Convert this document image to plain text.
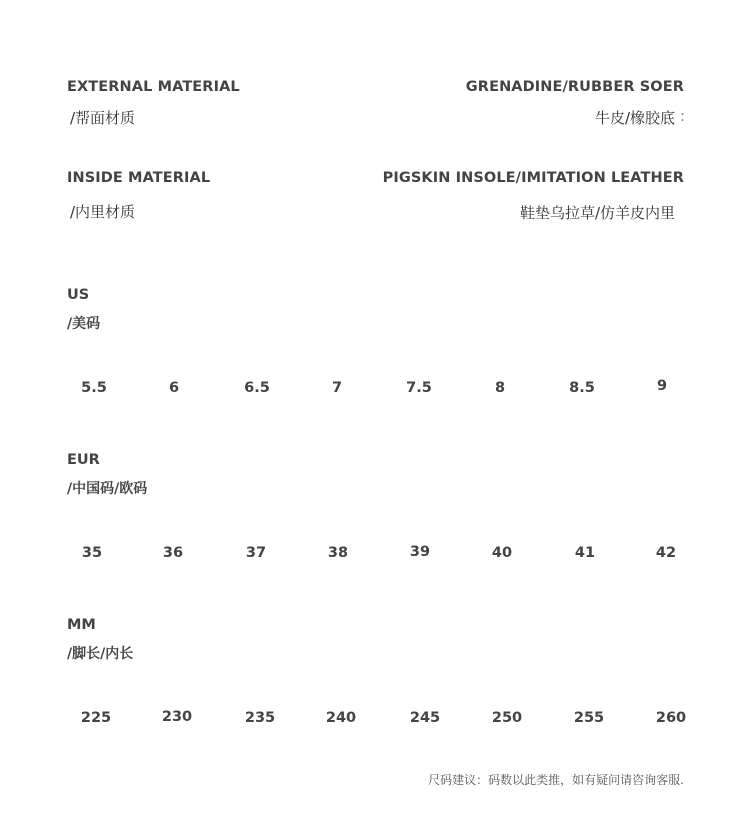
EXTERNAL MATERIAL
/帮面材质
GRENADINE/RUBBER SOER
牛皮/橡胶底 :
INSIDE MATERIAL
/内里材质
PIGSKIN INSOLE/IMITATION LEATHER
鞋垫乌拉草/仿羊皮内里
US
/美码
5.5	6	6.5	7	7.5	8	8.5	9
EUR
/中国码/欧码
35	36	37	38	39	40	41	42
MM
/脚长/内长
225	230	235	240	245	250	255	260
尺码建议：码数以此类推，如有疑问请咨询客服.
